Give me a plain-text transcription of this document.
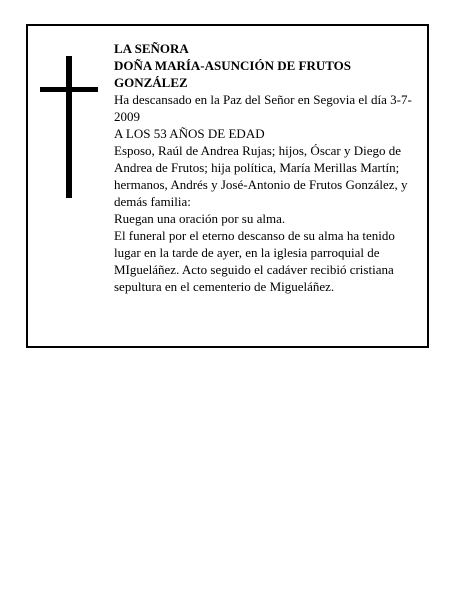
LA SEÑORA

DOÑA MARÍA-ASUNCIÓN DE FRUTOS GONZÁLEZ

Ha descansado en la Paz del Señor en Segovia el día 3-7-2009

A LOS 53 AÑOS DE EDAD

Esposo, Raúl de Andrea Rujas; hijos, Óscar y Diego de Andrea de Frutos; hija política, María Merillas Martín; hermanos, Andrés y José-Antonio de Frutos González, y demás familia:

Ruegan una oración por su alma.

El funeral por el eterno descanso de su alma ha tenido lugar en la tarde de ayer, en la iglesia parroquial de MIgueláñez. Acto seguido el cadáver recibió cristiana sepultura en el cementerio de Migueláñez.
